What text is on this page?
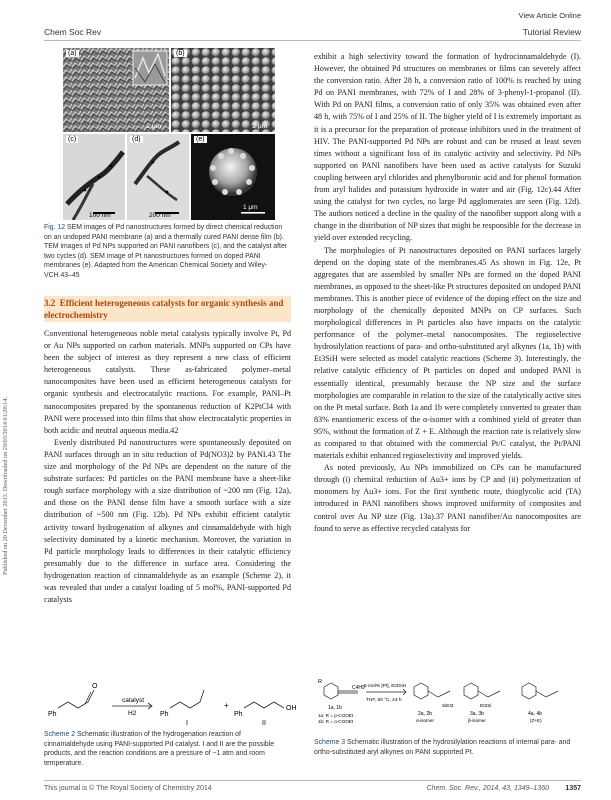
View Article Online
Chem Soc Rev	Tutorial Review
Published on 20 December 2013. Downloaded on 29/03/2014 01:20:14.
(a)
2 μm
(b)
2 μm
(c)
100 nm
(d)
200 nm
(e)
1 μm
Fig. 12 SEM images of Pd nanostructures formed by direct chemical reduction on an undoped PANI membrane (a) and a thermally cured PANI dense film (b). TEM images of Pd NPs supported on PANI nanofibers (c), and the catalyst after two cycles (d). SEM image of Pt nanostructures formed on doped PANI membranes (e). Adapted from the American Chemical Society and Wiley-VCH.43–45
3.2 Efficient heterogeneous catalysts for organic synthesis and electrochemistry

Conventional heterogeneous noble metal catalysts typically involve Pt, Pd or Au NPs supported on carbon materials. MNPs supported on CPs have been the subject of interest as they represent a new class of efficient heterogeneous catalysts. These as-fabricated polymer–metal nanocomposites have been used as efficient heterogeneous catalysts for organic synthesis and electrocatalytic reactions. For example, PANI–Pt nanocomposites prepared by the spontaneous reduction of K2PtCl4 with PANI were processed into thin films that show electrocatalytic properties in both acidic and neutral aqueous media.42

Evenly distributed Pd nanostructures were spontaneously deposited on PANI surfaces through an in situ reduction of Pd(NO3)2 by PANI.43 The size and morphology of the Pd NPs are dependent on the nature of the substrate surfaces: Pd particles on the PANI membrane have a sheet-like rough surface morphology with a size distribution of ~200 nm (Fig. 12a), and those on the PANI dense film have a smooth surface with a size distribution of ~500 nm (Fig. 12b). Pd NPs exhibit efficient catalytic activity toward hydrogenation of alkynes and cinnamaldehyde with high selectivity dominated by a kinetic mechanism. Moreover, the variation in Pd particle morphology leads to differences in their catalytic efficiency presumably due to the difference in surface area. Considering the hydrogenation reaction of cinnamaldehyde as an example (Scheme 2), it was revealed that under a catalyst loading of 5 mol%, PANI-supported Pd catalysts

exhibit a high selectivity toward the formation of hydrocinnamaldehyde (I). However, the obtained Pd structures on membranes or films can severely affect the conversion ratio. After 28 h, a conversion ratio of 100% is reached by using Pd on PANI membranes, with 72% of I and 28% of 3-phenyl-1-propanol (II). With Pd on PANI films, a conversion ratio of only 35% was obtained even after 48 h, with 75% of I and 25% of II. The higher yield of I is extremely important as it is a precursor for the preparation of protease inhibitors used in the treatment of HIV. The PANI-supported Pd NPs are robust and can be reused at least seven times without a significant loss of its catalytic activity and selectivity. Pd NPs supported on PANI nanofibers have been used as active catalysts for Suzuki coupling between aryl chlorides and phenylboronic acid and for phenol formation from aryl halides and potassium hydroxide in water and air (Fig. 12c).44 After using the catalyst for two cycles, no large Pd agglomerates are seen (Fig. 12d). The authors noticed a decline in the quality of the nanofiber support along with a change in the distribution of NP sizes that might be responsible for the decrease in yield over extended recycling.

The morphologies of Pt nanostructures deposited on PANI surfaces largely depend on the doping state of the membranes.45 As shown in Fig. 12e, Pt aggregates that are assembled by smaller NPs are formed on the doped PANI membranes, as opposed to the sheet-like Pt structures deposited on undoped PANI membranes. This is another piece of evidence of the doping effect on the size and morphology of the chemically deposited MNPs on CP surfaces. Such morphological differences in Pt particles also have impacts on the catalytic performance of the polymer–metal nanocomposites. The regioselective hydrosilylation reactions of para- and ortho-substituted aryl alkynes (1a, 1b) with Et3SiH were selected as model catalytic reactions (Scheme 3). Interestingly, the relative catalytic efficiency of Pt particles on doped and undoped PANI is essentially identical, presumably because the NP size and the surface morphologies are comparable in relation to the size of the catalytically active sites on the Pt metal surface. Both 1a and 1b were completely converted to greater than 83% enantiomeric excess of the α-isomer with a combined yield of greater than 95%, without the formation of Z + E. Although the reaction rate is relatively slow as compared to that obtained with the commercial Pt/C catalyst, the Pt/PANI materials exhibit enhanced regioselectivity and improved yields.

As noted previously, Au NPs immobilized on CPs can be manufactured through (i) chemical reduction of Au3+ ions by CP and (ii) polymerization of monomers by Au3+ ions. For the first synthetic route, thioglycolic acid (TA) introduced in PANI nanofibers shows improved uniformity of composites and control over Au NP size (Fig. 13a).37 PANI nanofiber/Au nanocomposites are found to serve as effective recycled catalysts for

Ph
O
catalyst
H2	Ph
I
+
Ph
OH
II
Scheme 2 Schematic illustration of the hydrogenation reaction of cinnamaldehyde using PANI-supported Pd catalyst. I and II are the possible products, and the reaction conditions are a pressure of ~1 atm and room temperature.
R
C4H9 5 mol% [Pt], Et3SiH
THF, 60 °C, 24 h
1a, 1b
1a: R = p-COOEt
1b: R = o-COOEt
2a, 2b
α-isomer
3a, 3b
β-isomer
4a, 4b
(Z+E)
SiEt3	Et3Si
Scheme 3 Schematic illustration of the hydrosilylation reactions of internal para- and ortho-substituted aryl alkynes on PANI supported Pt.
This journal is © The Royal Society of Chemistry 2014	Chem. Soc. Rev., 2014, 43, 1349–1360 1357
